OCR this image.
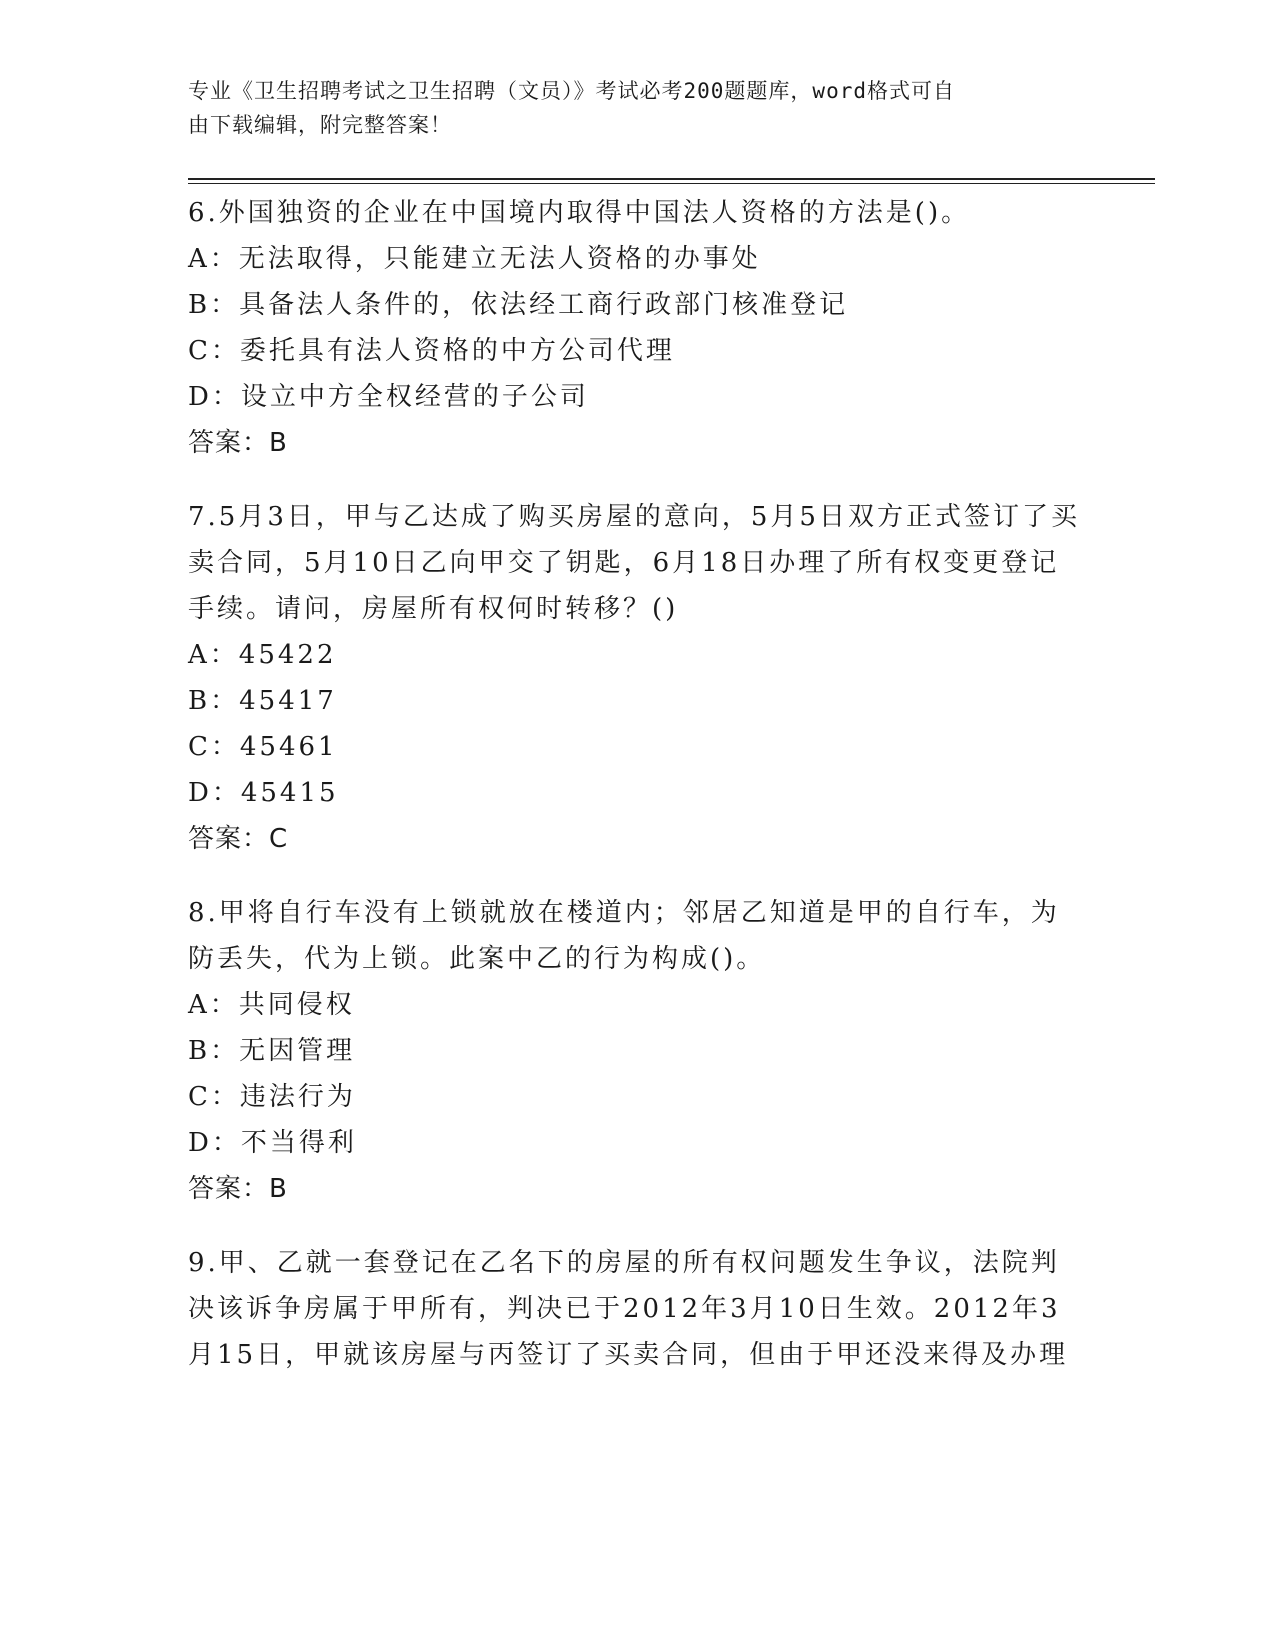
专业《卫生招聘考试之卫生招聘（文员）》考试必考200题题库，word格式可自
由下载编辑，附完整答案！

6.外国独资的企业在中国境内取得中国法人资格的方法是()。

A：无法取得，只能建立无法人资格的办事处

B：具备法人条件的，依法经工商行政部门核准登记

C：委托具有法人资格的中方公司代理

D：设立中方全权经营的子公司

答案：B

7.5月3日，甲与乙达成了购买房屋的意向，5月5日双方正式签订了买卖合同，5月10日乙向甲交了钥匙，6月18日办理了所有权变更登记手续。请问，房屋所有权何时转移？()

A：45422

B：45417

C：45461

D：45415

答案：C

8.甲将自行车没有上锁就放在楼道内；邻居乙知道是甲的自行车，为防丢失，代为上锁。此案中乙的行为构成()。

A：共同侵权

B：无因管理

C：违法行为

D：不当得利

答案：B

9.甲、乙就一套登记在乙名下的房屋的所有权问题发生争议，法院判决该诉争房属于甲所有，判决已于2012年3月10日生效。2012年3月15日，甲就该房屋与丙签订了买卖合同，但由于甲还没来得及办理
